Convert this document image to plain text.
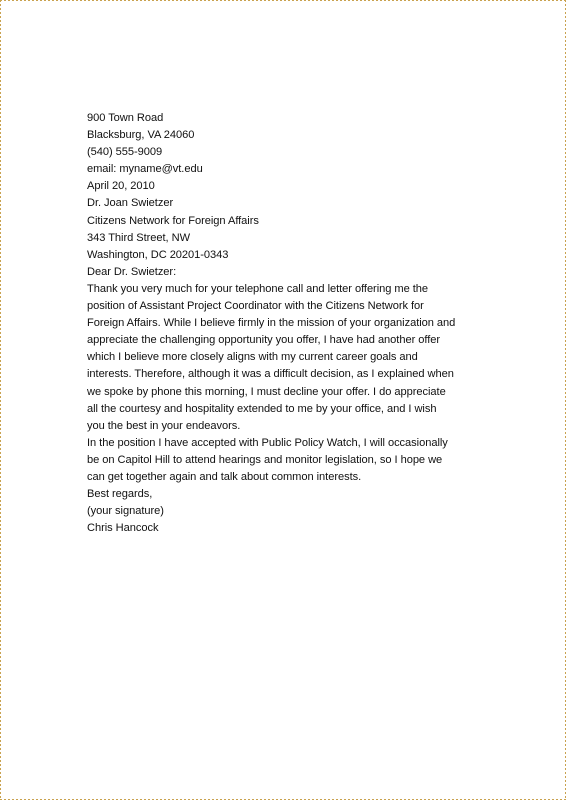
900 Town Road
Blacksburg, VA 24060
(540) 555-9009
email: myname@vt.edu
April 20, 2010
Dr. Joan Swietzer
Citizens Network for Foreign Affairs
343 Third Street, NW
Washington, DC 20201-0343
Dear Dr. Swietzer:
Thank you very much for your telephone call and letter offering me the
position of Assistant Project Coordinator with the Citizens Network for
Foreign Affairs. While I believe firmly in the mission of your organization and
appreciate the challenging opportunity you offer, I have had another offer
which I believe more closely aligns with my current career goals and
interests. Therefore, although it was a difficult decision, as I explained when
we spoke by phone this morning, I must decline your offer. I do appreciate
all the courtesy and hospitality extended to me by your office, and I wish
you the best in your endeavors.
In the position I have accepted with Public Policy Watch, I will occasionally
be on Capitol Hill to attend hearings and monitor legislation, so I hope we
can get together again and talk about common interests.
Best regards,
(your signature)
Chris Hancock
